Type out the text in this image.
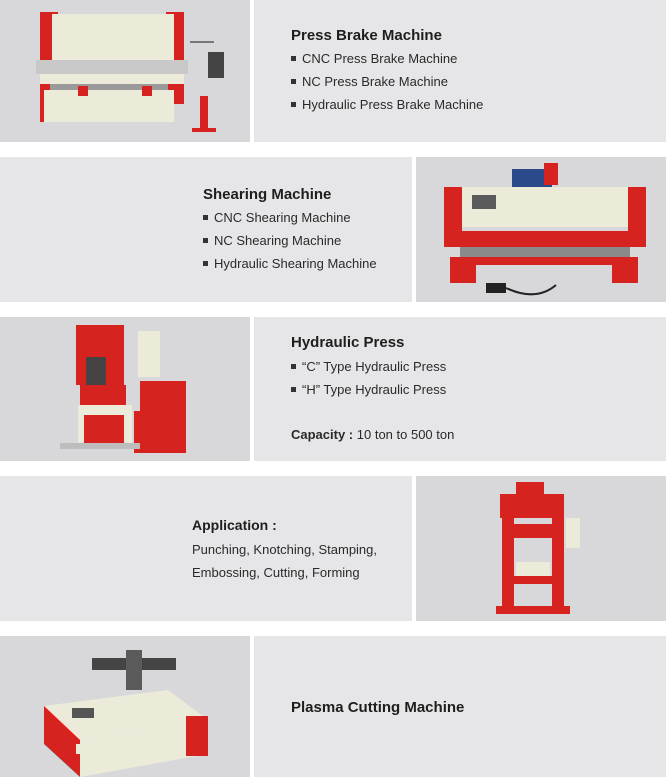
Press Brake Machine
CNC Press Brake Machine
NC Press Brake Machine
Hydraulic Press Brake Machine
Shearing Machine
CNC Shearing Machine
NC Shearing Machine
Hydraulic Shearing Machine
Hydraulic Press
“C” Type Hydraulic Press
“H” Type Hydraulic Press
Capacity : 10 ton to 500 ton
Application :
Punching, Knotching, Stamping,
Embossing, Cutting, Forming
Plasma Cutting Machine
